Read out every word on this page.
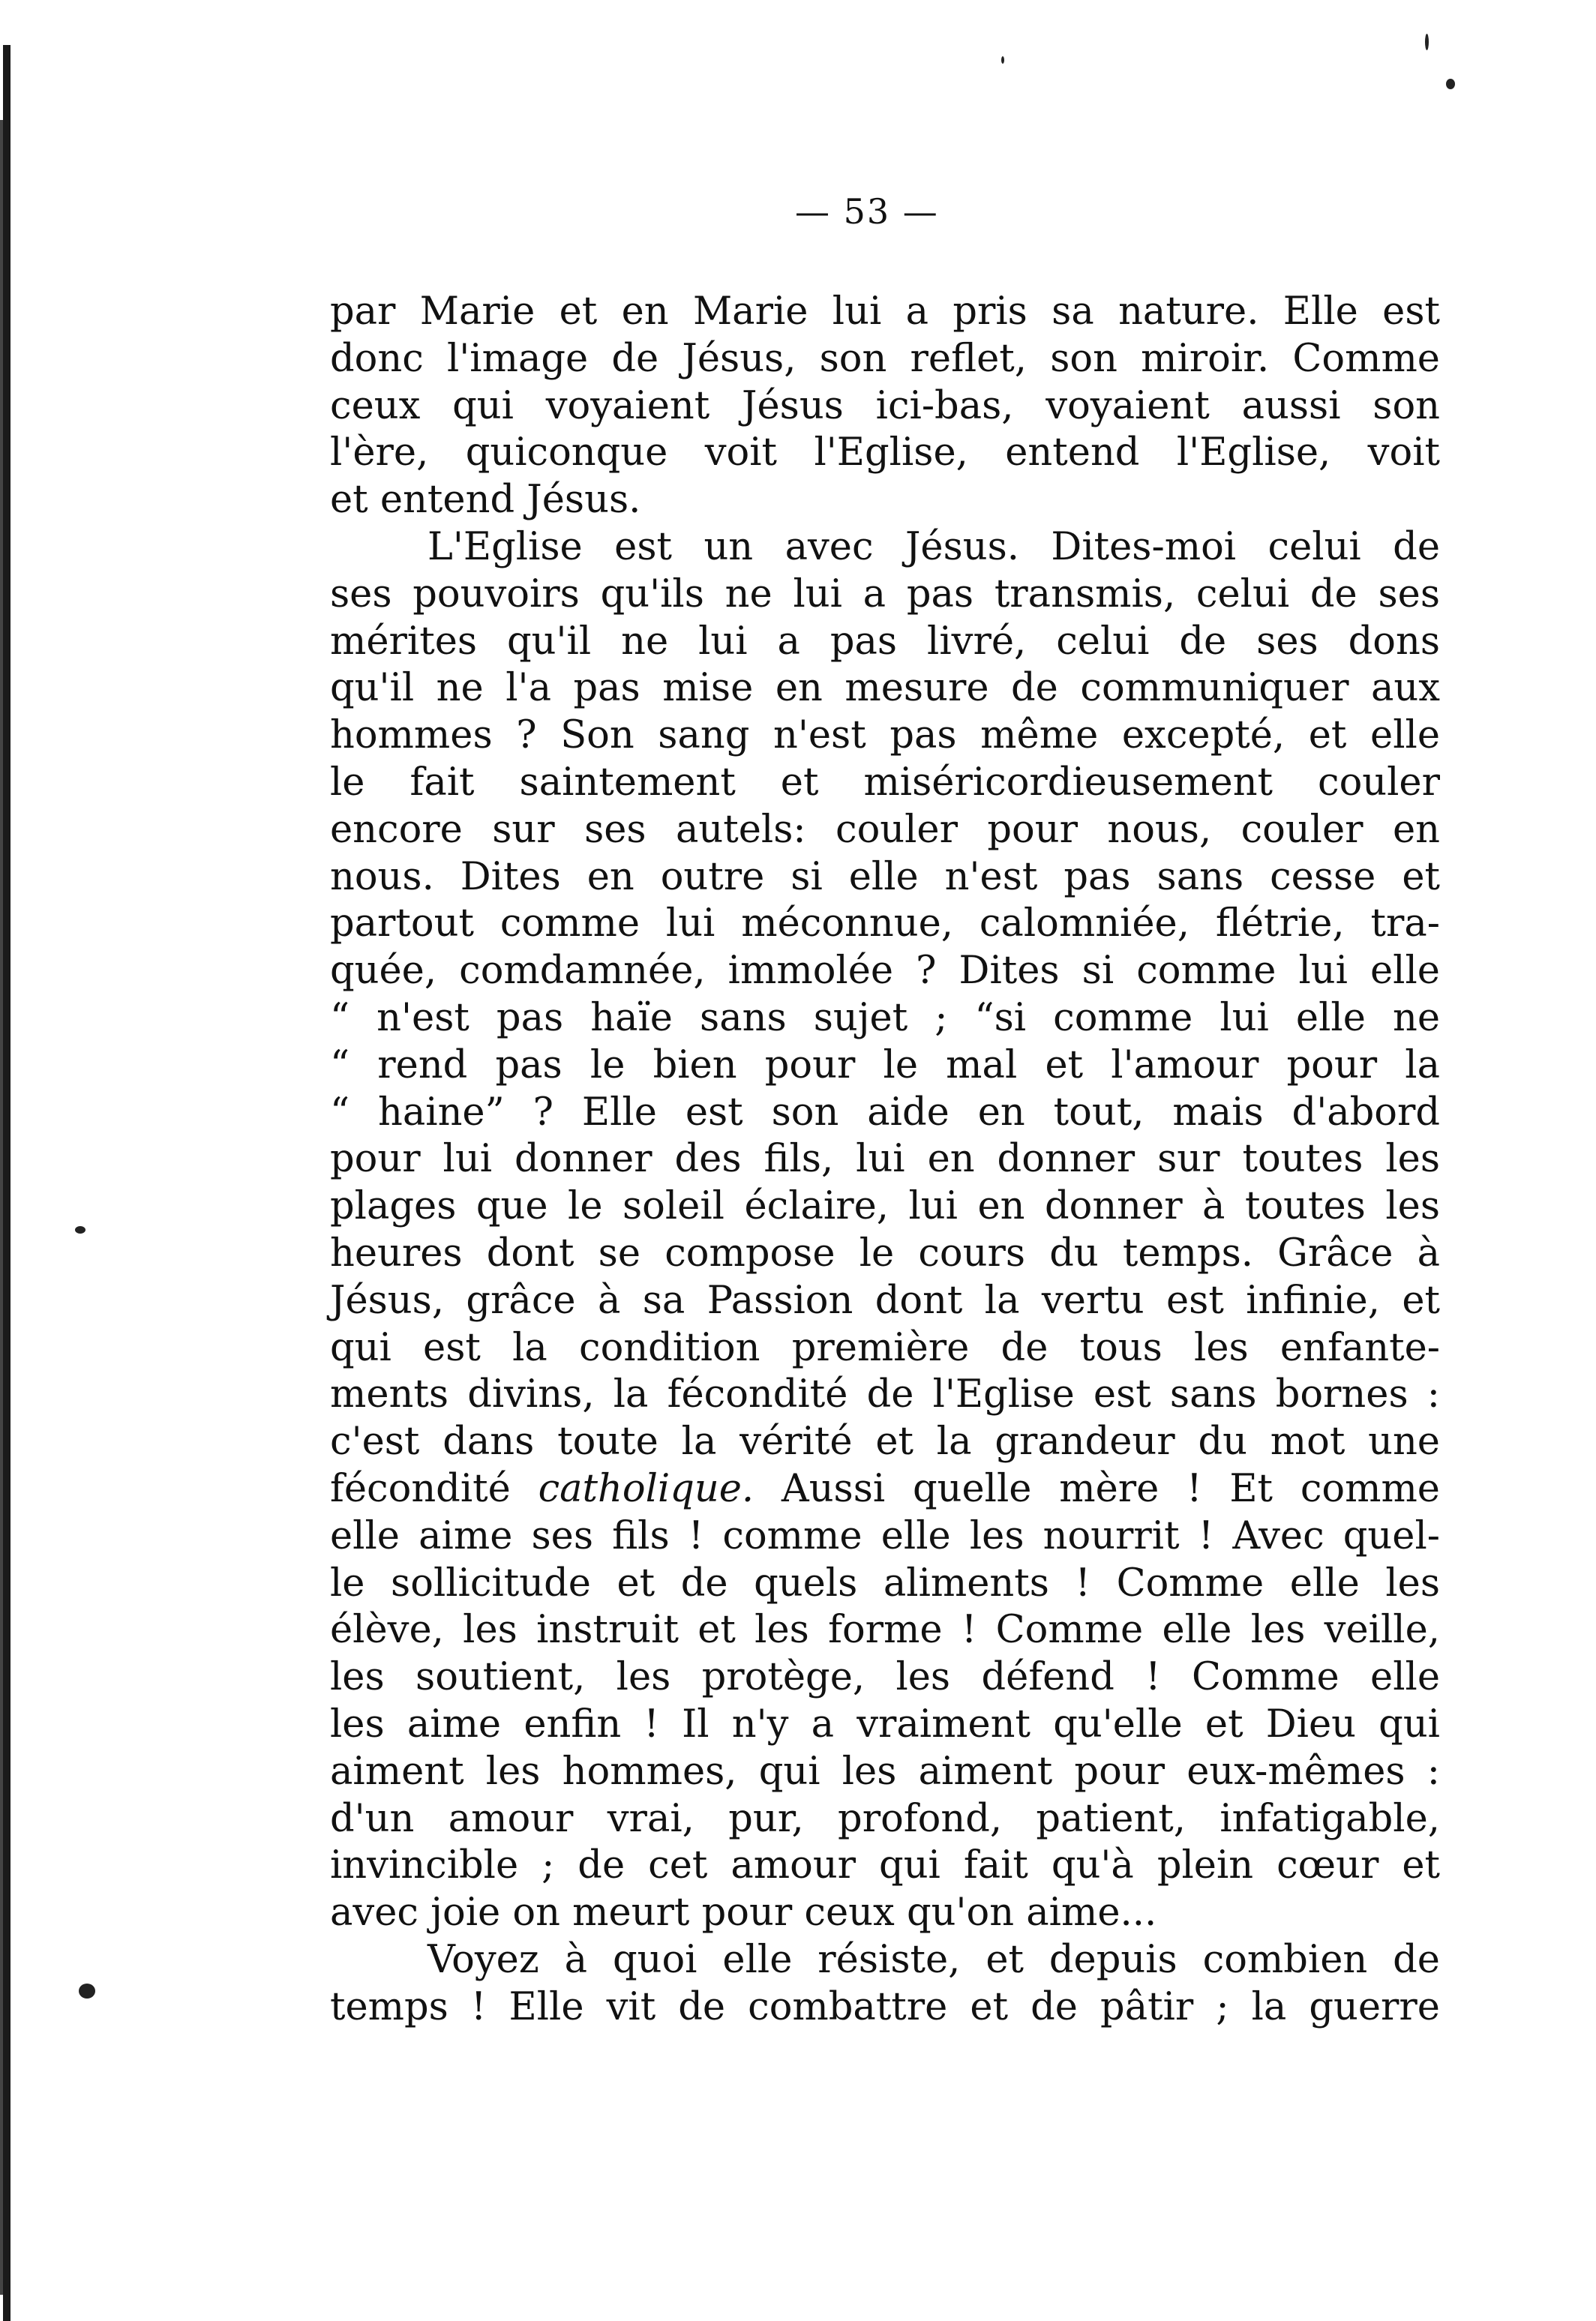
— 53 —
par Marie et en Marie lui a pris sa nature. Elle est
donc l'image de Jésus, son reflet, son miroir. Comme
ceux qui voyaient Jésus ici-bas, voyaient aussi son
l'ère, quiconque voit l'Eglise, entend l'Eglise, voit
et entend Jésus.
L'Eglise est un avec Jésus. Dites-moi celui de
ses pouvoirs qu'ils ne lui a pas transmis, celui de ses
mérites qu'il ne lui a pas livré, celui de ses dons
qu'il ne l'a pas mise en mesure de communiquer aux
hommes ? Son sang n'est pas même excepté, et elle
le fait saintement et miséricordieusement couler
encore sur ses autels: couler pour nous, couler en
nous. Dites en outre si elle n'est pas sans cesse et
partout comme lui méconnue, calomniée, flétrie, tra-
quée, comdamnée, immolée ? Dites si comme lui elle
“ n'est pas haïe sans sujet ; “si comme lui elle ne
“ rend pas le bien pour le mal et l'amour pour la
“ haine” ? Elle est son aide en tout, mais d'abord
pour lui donner des fils, lui en donner sur toutes les
plages que le soleil éclaire, lui en donner à toutes les
heures dont se compose le cours du temps. Grâce à
Jésus, grâce à sa Passion dont la vertu est infinie, et
qui est la condition première de tous les enfante-
ments divins, la fécondité de l'Eglise est sans bornes :
c'est dans toute la vérité et la grandeur du mot une
fécondité catholique. Aussi quelle mère ! Et comme
elle aime ses fils ! comme elle les nourrit ! Avec quel-
le sollicitude et de quels aliments ! Comme elle les
élève, les instruit et les forme ! Comme elle les veille,
les soutient, les protège, les défend ! Comme elle
les aime enfin ! Il n'y a vraiment qu'elle et Dieu qui
aiment les hommes, qui les aiment pour eux-mêmes :
d'un amour vrai, pur, profond, patient, infatigable,
invincible ; de cet amour qui fait qu'à plein cœur et
avec joie on meurt pour ceux qu'on aime...
Voyez à quoi elle résiste, et depuis combien de
temps ! Elle vit de combattre et de pâtir ; la guerre
